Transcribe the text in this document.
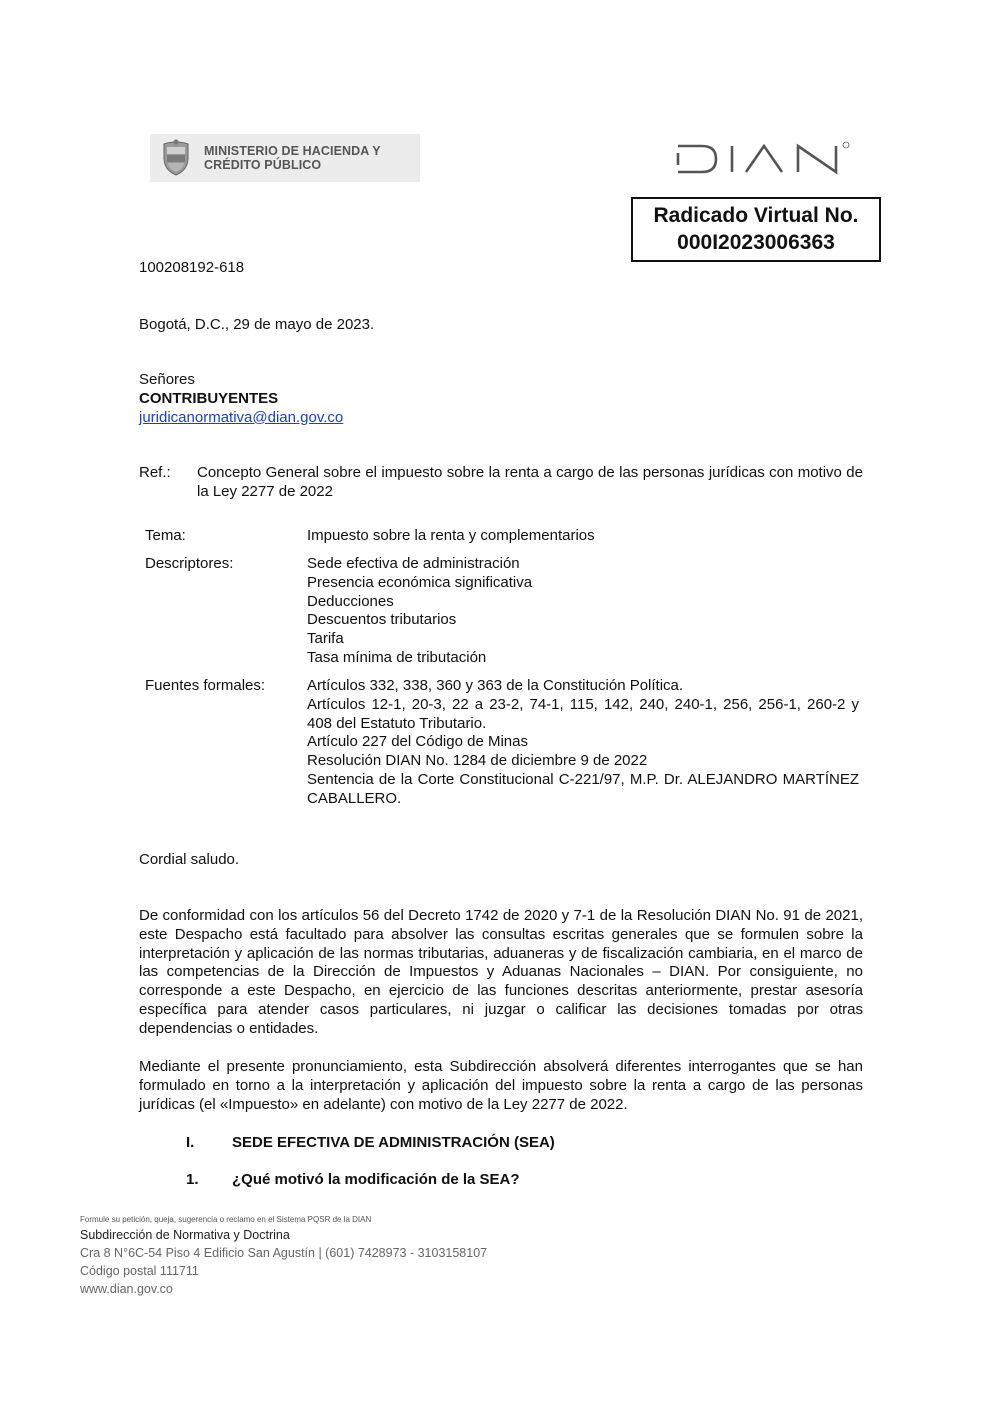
MINISTERIO DE HACIENDA Y
CRÉDITO PÚBLICO
DIAN
Radicado Virtual No.
000I2023006363
100208192-618
Bogotá, D.C., 29 de mayo de 2023.
Señores
CONTRIBUYENTES
juridicanormativa@dian.gov.co
Ref.: Concepto General sobre el impuesto sobre la renta a cargo de las personas jurídicas con motivo de la Ley 2277 de 2022
Tema:	Impuesto sobre la renta y complementarios
Descriptores:	Sede efectiva de administración
Presencia económica significativa
Deducciones
Descuentos tributarios
Tarifa
Tasa mínima de tributación
Fuentes formales:	Artículos 332, 338, 360 y 363 de la Constitución Política.
Artículos 12-1, 20-3, 22 a 23-2, 74-1, 115, 142, 240, 240-1, 256, 256-1, 260-2 y 408 del Estatuto Tributario.
Artículo 227 del Código de Minas
Resolución DIAN No. 1284 de diciembre 9 de 2022
Sentencia de la Corte Constitucional C-221/97, M.P. Dr. ALEJANDRO MARTÍNEZ CABALLERO.
Cordial saludo.
De conformidad con los artículos 56 del Decreto 1742 de 2020 y 7-1 de la Resolución DIAN No. 91 de 2021, este Despacho está facultado para absolver las consultas escritas generales que se formulen sobre la interpretación y aplicación de las normas tributarias, aduaneras y de fiscalización cambiaria, en el marco de las competencias de la Dirección de Impuestos y Aduanas Nacionales – DIAN. Por consiguiente, no corresponde a este Despacho, en ejercicio de las funciones descritas anteriormente, prestar asesoría específica para atender casos particulares, ni juzgar o calificar las decisiones tomadas por otras dependencias o entidades.
Mediante el presente pronunciamiento, esta Subdirección absolverá diferentes interrogantes que se han formulado en torno a la interpretación y aplicación del impuesto sobre la renta a cargo de las personas jurídicas (el «Impuesto» en adelante) con motivo de la Ley 2277 de 2022.
I.	SEDE EFECTIVA DE ADMINISTRACIÓN (SEA)
1. ¿Qué motivó la modificación de la SEA?
Formule su petición, queja, sugerencia o reclamo en el Sistema PQSR de la DIAN
Subdirección de Normativa y Doctrina
Cra 8 N°6C-54 Piso 4 Edificio San Agustín | (601) 7428973 - 3103158107
Código postal 111711
www.dian.gov.co
